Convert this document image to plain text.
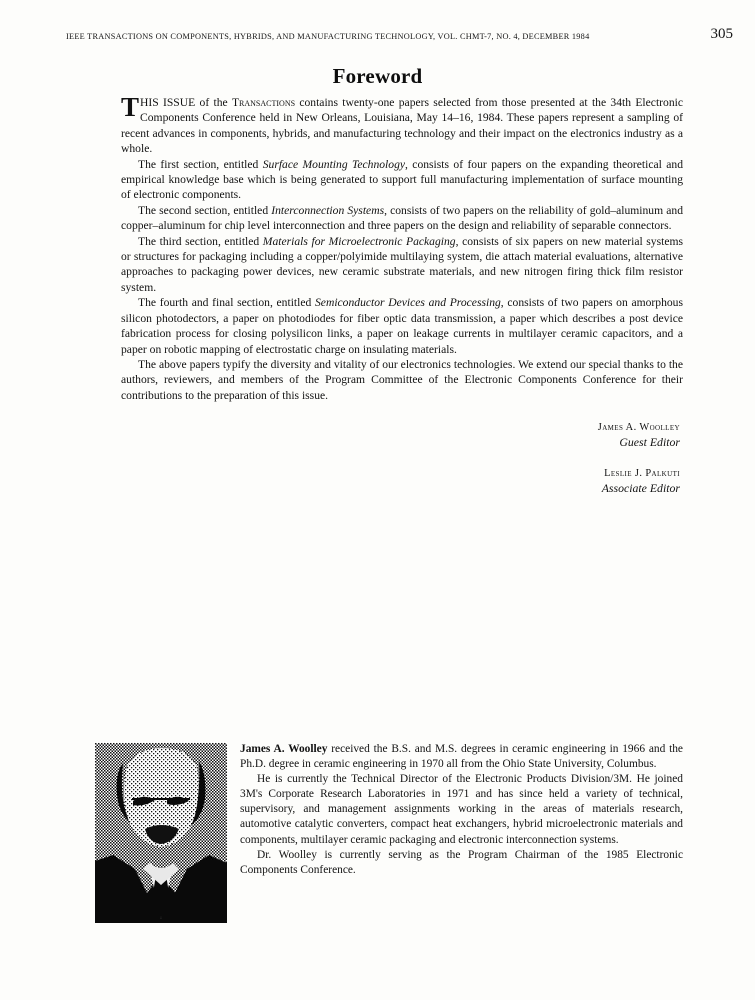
IEEE TRANSACTIONS ON COMPONENTS, HYBRIDS, AND MANUFACTURING TECHNOLOGY, VOL. CHMT-7, NO. 4, DECEMBER 1984	305
Foreword

THIS ISSUE of the Transactions contains twenty-one papers selected from those presented at the 34th Electronic Components Conference held in New Orleans, Louisiana, May 14–16, 1984. These papers represent a sampling of recent advances in components, hybrids, and manufacturing technology and their impact on the electronics industry as a whole.

The first section, entitled Surface Mounting Technology, consists of four papers on the expanding theoretical and empirical knowledge base which is being generated to support full manufacturing implementation of surface mounting of electronic components.

The second section, entitled Interconnection Systems, consists of two papers on the reliability of gold–aluminum and copper–aluminum for chip level interconnection and three papers on the design and reliability of separable connectors.

The third section, entitled Materials for Microelectronic Packaging, consists of six papers on new material systems or structures for packaging including a copper/polyimide multilaying system, die attach material evaluations, alternative approaches to packaging power devices, new ceramic substrate materials, and new nitrogen firing thick film resistor system.

The fourth and final section, entitled Semiconductor Devices and Processing, consists of two papers on amorphous silicon photodectors, a paper on photodiodes for fiber optic data transmission, a paper which describes a post device fabrication process for closing polysilicon links, a paper on leakage currents in multilayer ceramic capacitors, and a paper on robotic mapping of electrostatic charge on insulating materials.

The above papers typify the diversity and vitality of our electronics technologies. We extend our special thanks to the authors, reviewers, and members of the Program Committee of the Electronic Components Conference for their contributions to the preparation of this issue.

James A. Woolley
Guest Editor
Leslie J. Palkuti
Associate Editor

James A. Woolley received the B.S. and M.S. degrees in ceramic engineering in 1966 and the Ph.D. degree in ceramic engineering in 1970 all from the Ohio State University, Columbus.

He is currently the Technical Director of the Electronic Products Division/3M. He joined 3M's Corporate Research Laboratories in 1971 and has since held a variety of technical, supervisory, and management assignments working in the areas of materials research, automotive catalytic converters, compact heat exchangers, hybrid microelectronic materials and components, multilayer ceramic packaging and electronic interconnection systems.

Dr. Woolley is currently serving as the Program Chairman of the 1985 Electronic Components Conference.
